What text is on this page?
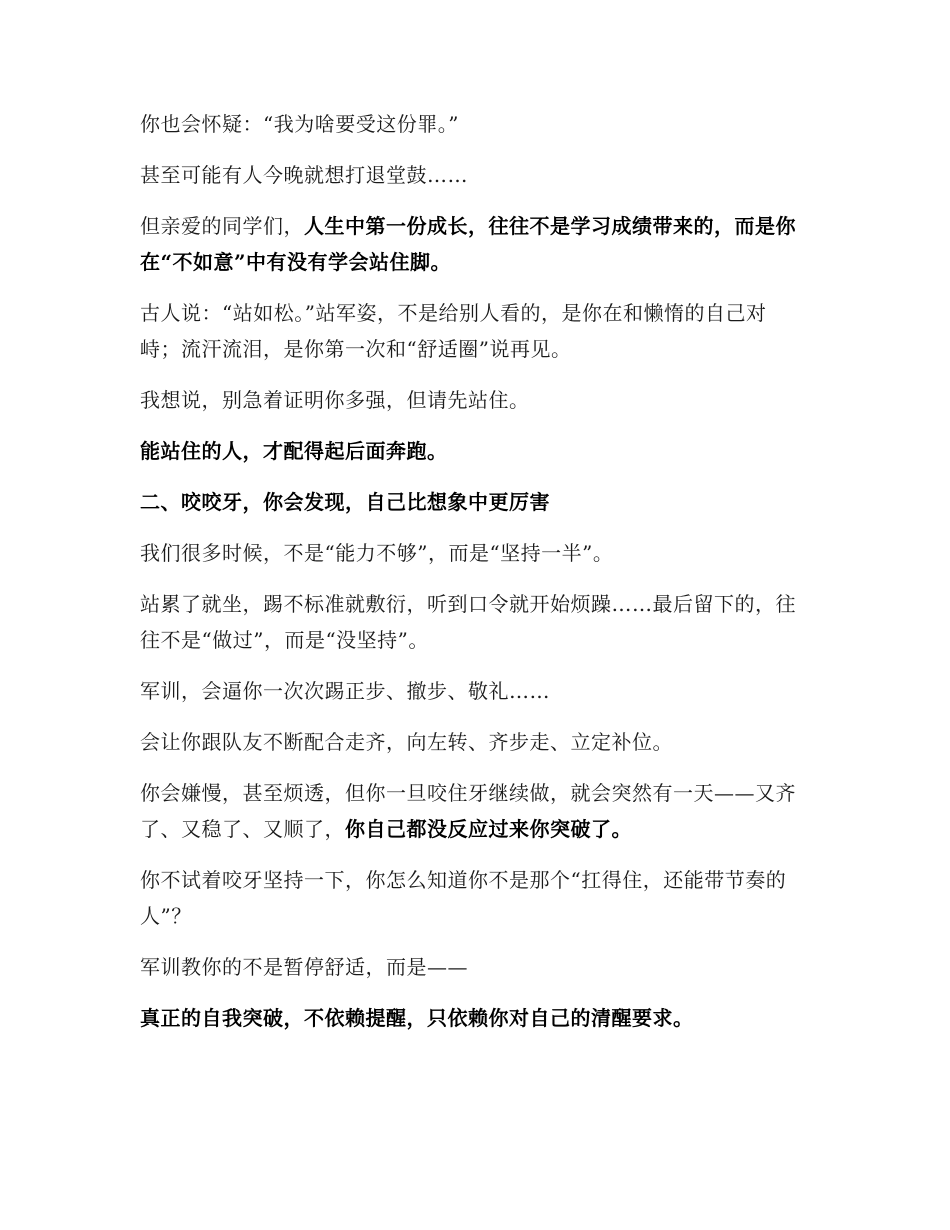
你也会怀疑：“我为啥要受这份罪。”

甚至可能有人今晚就想打退堂鼓……

但亲爱的同学们，人生中第一份成长，往往不是学习成绩带来的，而是你在“不如意”中有没有学会站住脚。

古人说：“站如松。”站军姿，不是给别人看的，是你在和懒惰的自己对峙；流汗流泪，是你第一次和“舒适圈”说再见。

我想说，别急着证明你多强，但请先站住。

能站住的人，才配得起后面奔跑。

二、咬咬牙，你会发现，自己比想象中更厉害

我们很多时候，不是“能力不够”，而是“坚持一半”。

站累了就坐，踢不标准就敷衍，听到口令就开始烦躁……最后留下的，往往不是“做过”，而是“没坚持”。

军训，会逼你一次次踢正步、撤步、敬礼……

会让你跟队友不断配合走齐，向左转、齐步走、立定补位。

你会嫌慢，甚至烦透，但你一旦咬住牙继续做，就会突然有一天——又齐了、又稳了、又顺了，你自己都没反应过来你突破了。

你不试着咬牙坚持一下，你怎么知道你不是那个“扛得住，还能带节奏的人”？

军训教你的不是暂停舒适，而是——

真正的自我突破，不依赖提醒，只依赖你对自己的清醒要求。
